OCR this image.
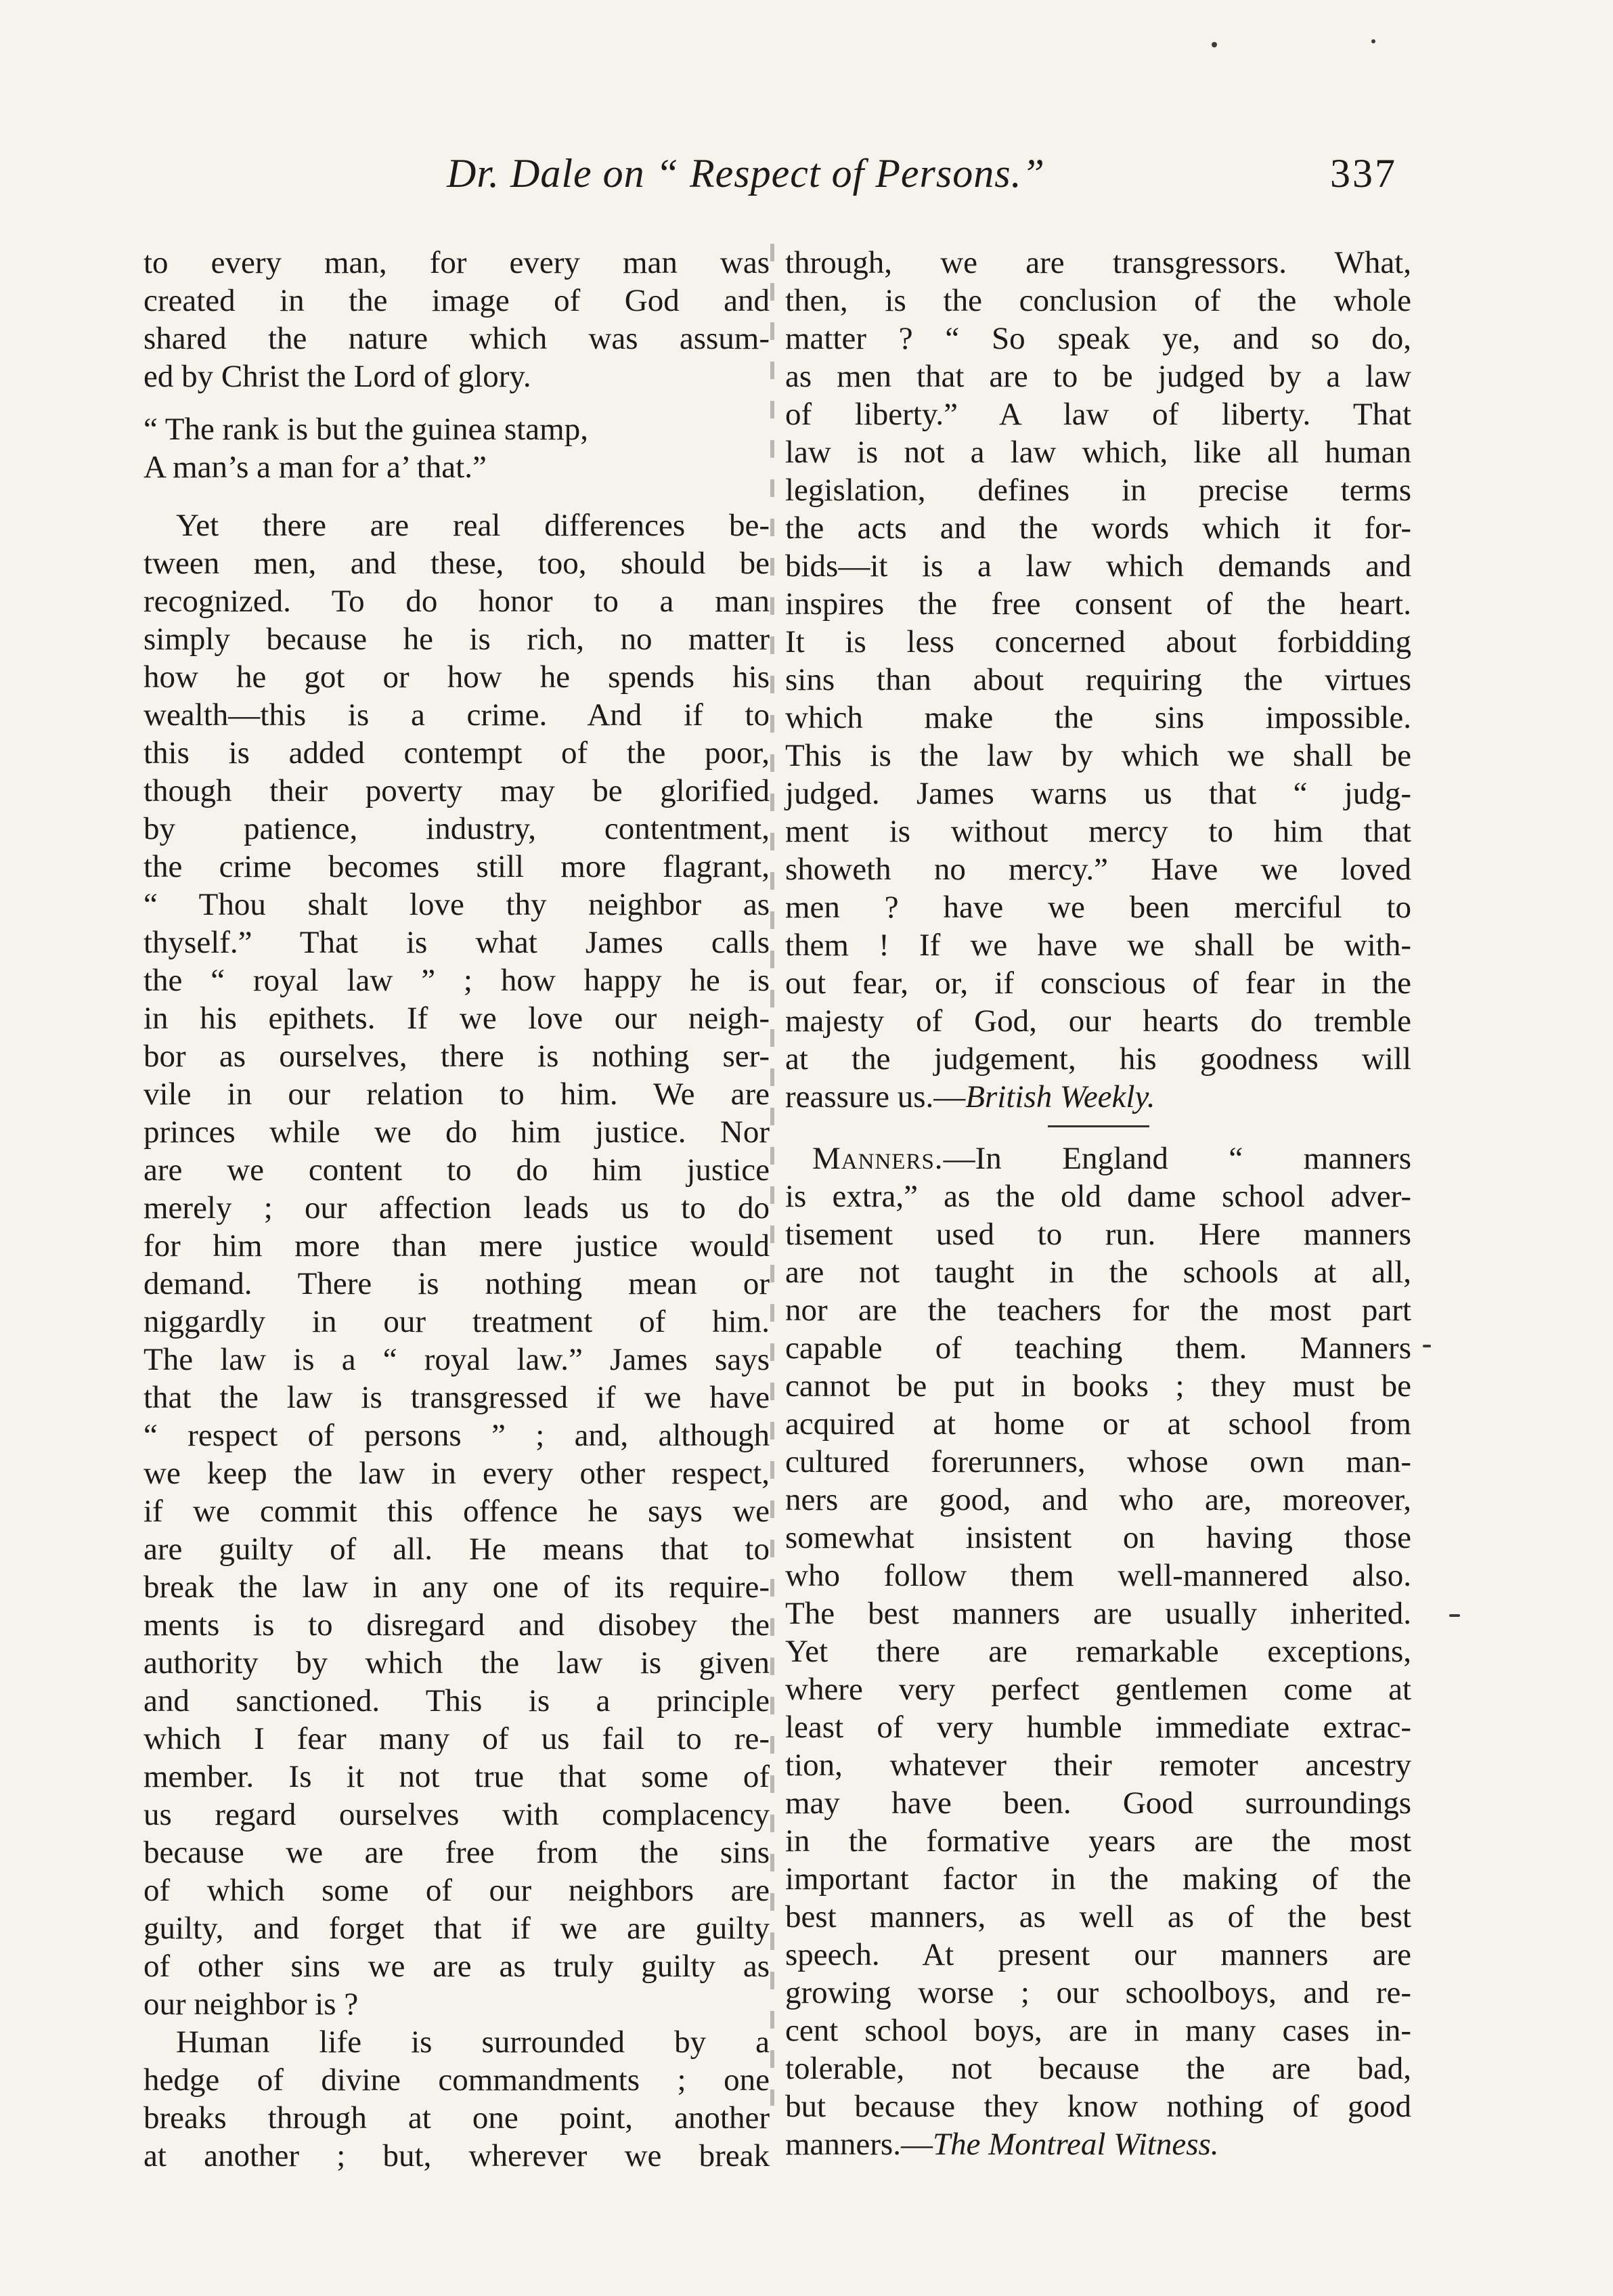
Dr. Dale on “ Respect of Persons.”	337
to every man, for every man was
created in the image of God and
shared the nature which was assum-
ed by Christ the Lord of glory.
“ The rank is but the guinea stamp,
A man’s a man for a’ that.”
Yet there are real differences be-
tween men, and these, too, should be
recognized. To do honor to a man
simply because he is rich, no matter
how he got or how he spends his
wealth—this is a crime. And if to
this is added contempt of the poor,
though their poverty may be glorified
by patience, industry, contentment,
the crime becomes still more flagrant,
“ Thou shalt love thy neighbor as
thyself.” That is what James calls
the “ royal law ” ; how happy he is
in his epithets. If we love our neigh-
bor as ourselves, there is nothing ser-
vile in our relation to him. We are
princes while we do him justice. Nor
are we content to do him justice
merely ; our affection leads us to do
for him more than mere justice would
demand. There is nothing mean or
niggardly in our treatment of him.
The law is a “ royal law.” James says
that the law is transgressed if we have
“ respect of persons ” ; and, although
we keep the law in every other respect,
if we commit this offence he says we
are guilty of all. He means that to
break the law in any one of its require-
ments is to disregard and disobey the
authority by which the law is given
and sanctioned. This is a principle
which I fear many of us fail to re-
member. Is it not true that some of
us regard ourselves with complacency
because we are free from the sins
of which some of our neighbors are
guilty, and forget that if we are guilty
of other sins we are as truly guilty as
our neighbor is ?
Human life is surrounded by a
hedge of divine commandments ; one
breaks through at one point, another
at another ; but, wherever we break
through, we are transgressors. What,
then, is the conclusion of the whole
matter ? “ So speak ye, and so do,
as men that are to be judged by a law
of liberty.” A law of liberty. That
law is not a law which, like all human
legislation, defines in precise terms
the acts and the words which it for-
bids—it is a law which demands and
inspires the free consent of the heart.
It is less concerned about forbidding
sins than about requiring the virtues
which make the sins impossible.
This is the law by which we shall be
judged. James warns us that “ judg-
ment is without mercy to him that
showeth no mercy.” Have we loved
men ? have we been merciful to
them ! If we have we shall be with-
out fear, or, if conscious of fear in the
majesty of God, our hearts do tremble
at the judgement, his goodness will
reassure us.—British Weekly.
Manners.—In England “ manners
is extra,” as the old dame school adver-
tisement used to run. Here manners
are not taught in the schools at all,
nor are the teachers for the most part
capable of teaching them. Manners
cannot be put in books ; they must be
acquired at home or at school from
cultured forerunners, whose own man-
ners are good, and who are, moreover,
somewhat insistent on having those
who follow them well-mannered also.
The best manners are usually inherited.
Yet there are remarkable exceptions,
where very perfect gentlemen come at
least of very humble immediate extrac-
tion, whatever their remoter ancestry
may have been. Good surroundings
in the formative years are the most
important factor in the making of the
best manners, as well as of the best
speech. At present our manners are
growing worse ; our schoolboys, and re-
cent school boys, are in many cases in-
tolerable, not because the are bad,
but because they know nothing of good
manners.—The Montreal Witness.
